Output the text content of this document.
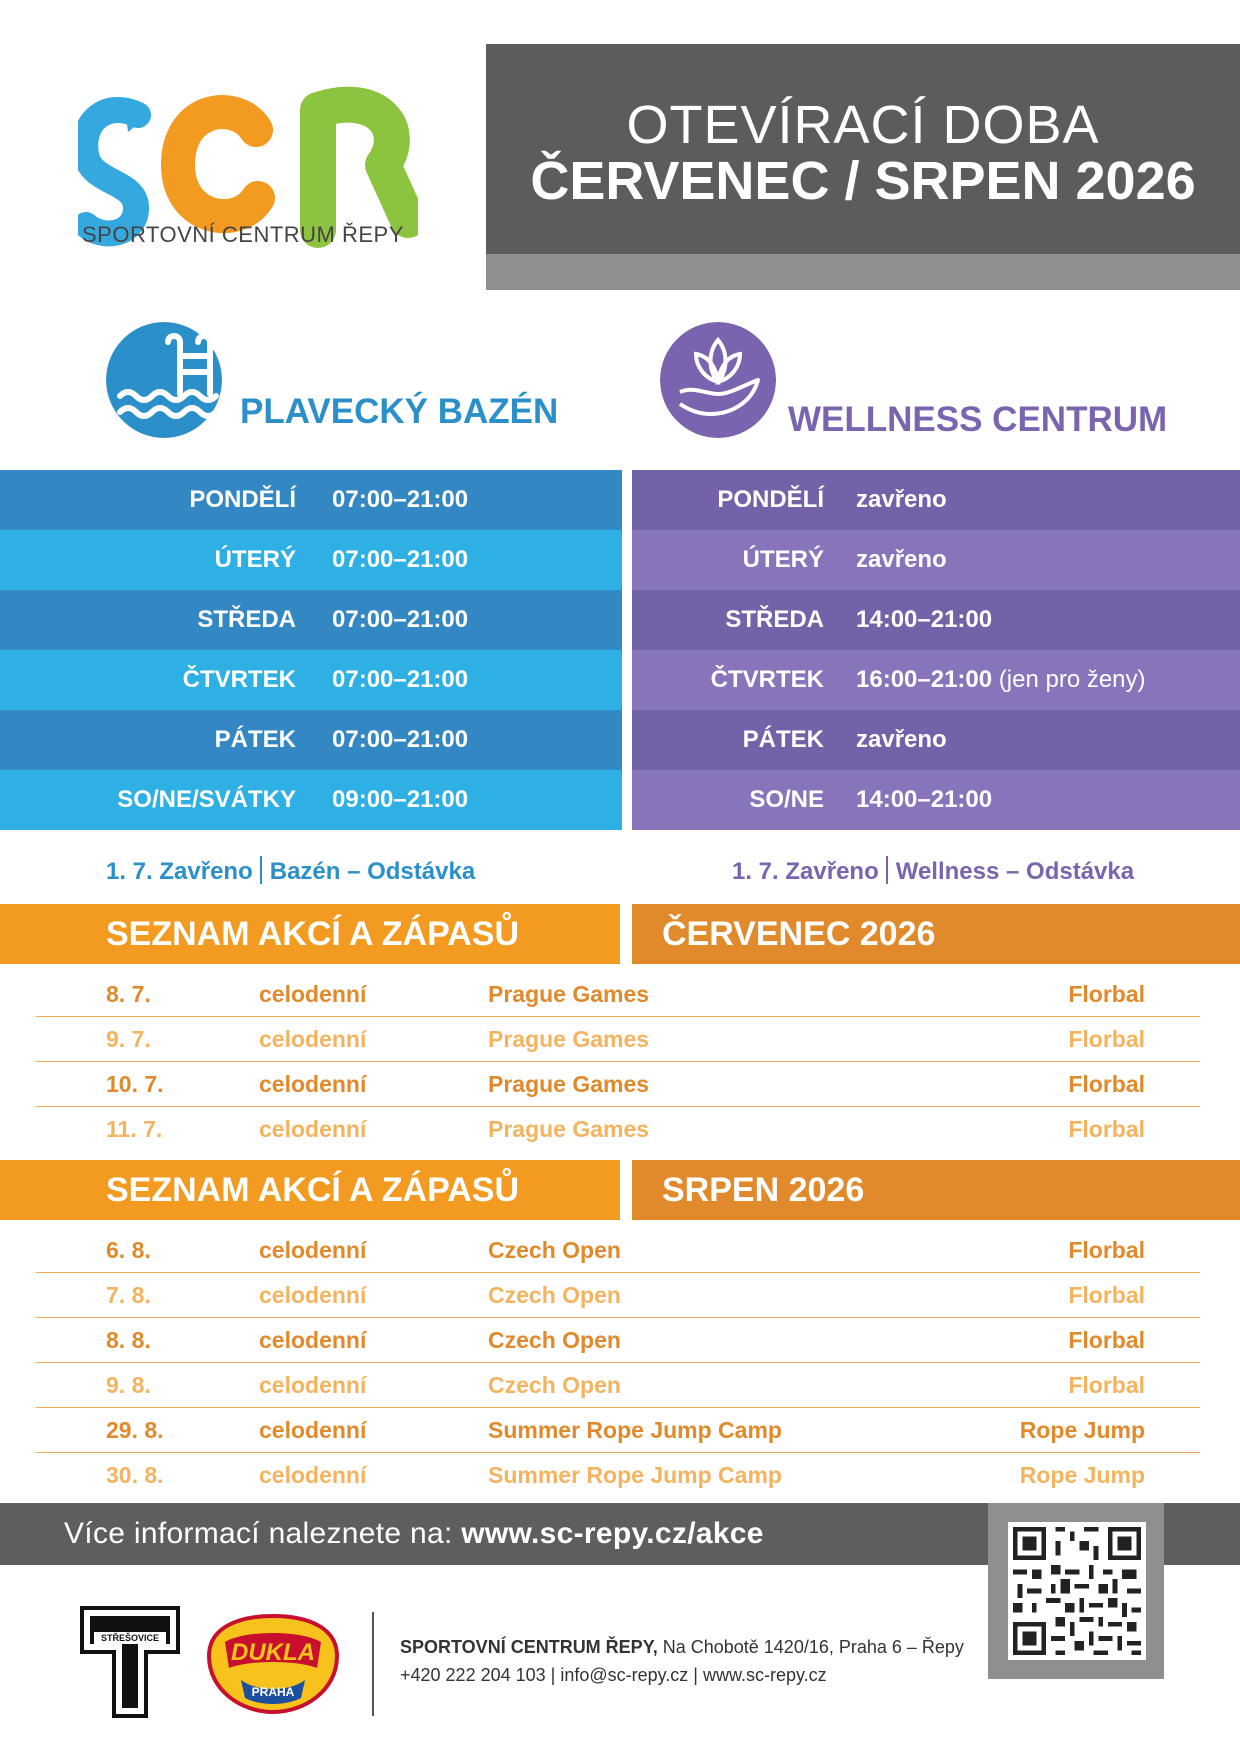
SPORTOVNÍ CENTRUM ŘEPY
OTEVÍRACÍ DOBA
ČERVENEC / SRPEN 2026
PLAVECKÝ BAZÉN	WELLNESS CENTRUM
PONDĚLÍ 07:00–21:00
ÚTERÝ 07:00–21:00
STŘEDA 07:00–21:00
ČTVRTEK 07:00–21:00
PÁTEK 07:00–21:00
SO/NE/SVÁTKY 09:00–21:00
PONDĚLÍ zavřeno
ÚTERÝ zavřeno
STŘEDA 14:00–21:00
ČTVRTEK 16:00–21:00 (jen pro ženy)
PÁTEK zavřeno
SO/NE 14:00–21:00
1. 7. Zavřeno Bazén – Odstávka	1. 7. Zavřeno Wellness – Odstávka
SEZNAM AKCÍ A ZÁPASŮ	ČERVENEC 2026
8. 7.	celodenní	Prague Games	Florbal
9. 7.	celodenní	Prague Games	Florbal
10. 7.	celodenní	Prague Games	Florbal
11. 7.	celodenní	Prague Games	Florbal
SEZNAM AKCÍ A ZÁPASŮ	SRPEN 2026
6. 8.	celodenní	Czech Open	Florbal
7. 8.	celodenní	Czech Open	Florbal
8. 8.	celodenní	Czech Open	Florbal
9. 8.	celodenní	Czech Open	Florbal
29. 8.	celodenní	Summer Rope Jump Camp	Rope Jump
30. 8.	celodenní	Summer Rope Jump Camp	Rope Jump
Více informací naleznete na: www.sc-repy.cz/akce
STŘEŠOVICE
DUKLA
PRAHA
SPORTOVNÍ CENTRUM ŘEPY, Na Chobotě 1420/16, Praha 6 – Řepy
+420 222 204 103 | info@sc-repy.cz | www.sc-repy.cz
